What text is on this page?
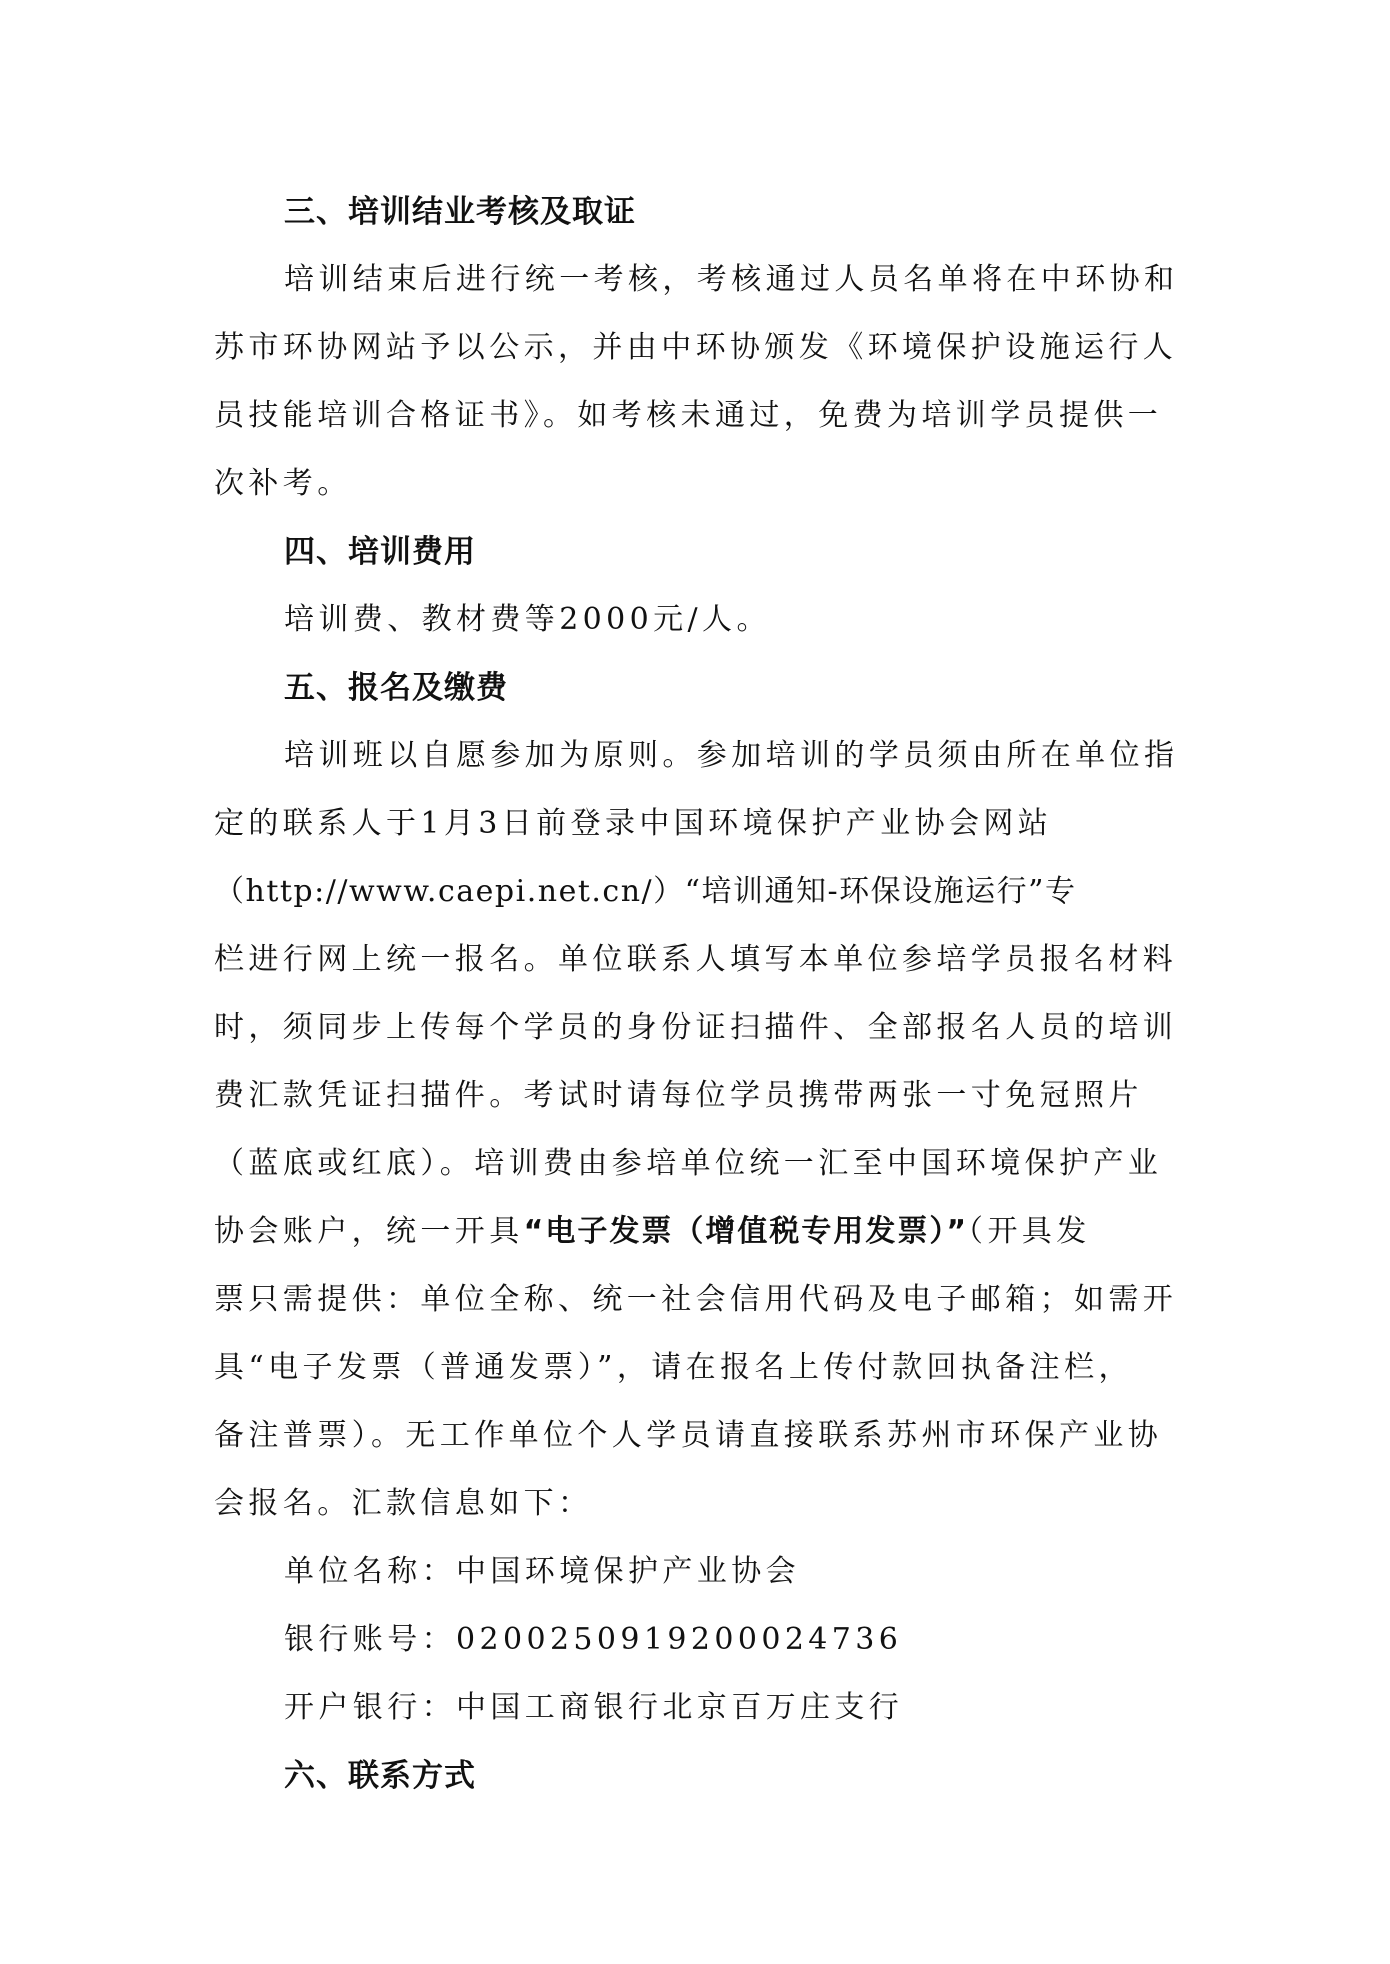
三、培训结业考核及取证
培训结束后进行统一考核，考核通过人员名单将在中环协和
苏市环协网站予以公示，并由中环协颁发《环境保护设施运行人
员技能培训合格证书》。如考核未通过，免费为培训学员提供一
次补考。
四、培训费用
培训费、教材费等2000元/人。
五、报名及缴费
培训班以自愿参加为原则。参加培训的学员须由所在单位指
定的联系人于1月3日前登录中国环境保护产业协会网站
（http://www.caepi.net.cn/）“培训通知-环保设施运行”专
栏进行网上统一报名。单位联系人填写本单位参培学员报名材料
时，须同步上传每个学员的身份证扫描件、全部报名人员的培训
费汇款凭证扫描件。考试时请每位学员携带两张一寸免冠照片
（蓝底或红底）。培训费由参培单位统一汇至中国环境保护产业
协会账户，统一开具“电子发票（增值税专用发票）”（开具发
票只需提供：单位全称、统一社会信用代码及电子邮箱；如需开
具“电子发票（普通发票）”，请在报名上传付款回执备注栏，
备注普票）。无工作单位个人学员请直接联系苏州市环保产业协
会报名。汇款信息如下：
单位名称：中国环境保护产业协会
银行账号：0200250919200024736
开户银行：中国工商银行北京百万庄支行
六、联系方式
